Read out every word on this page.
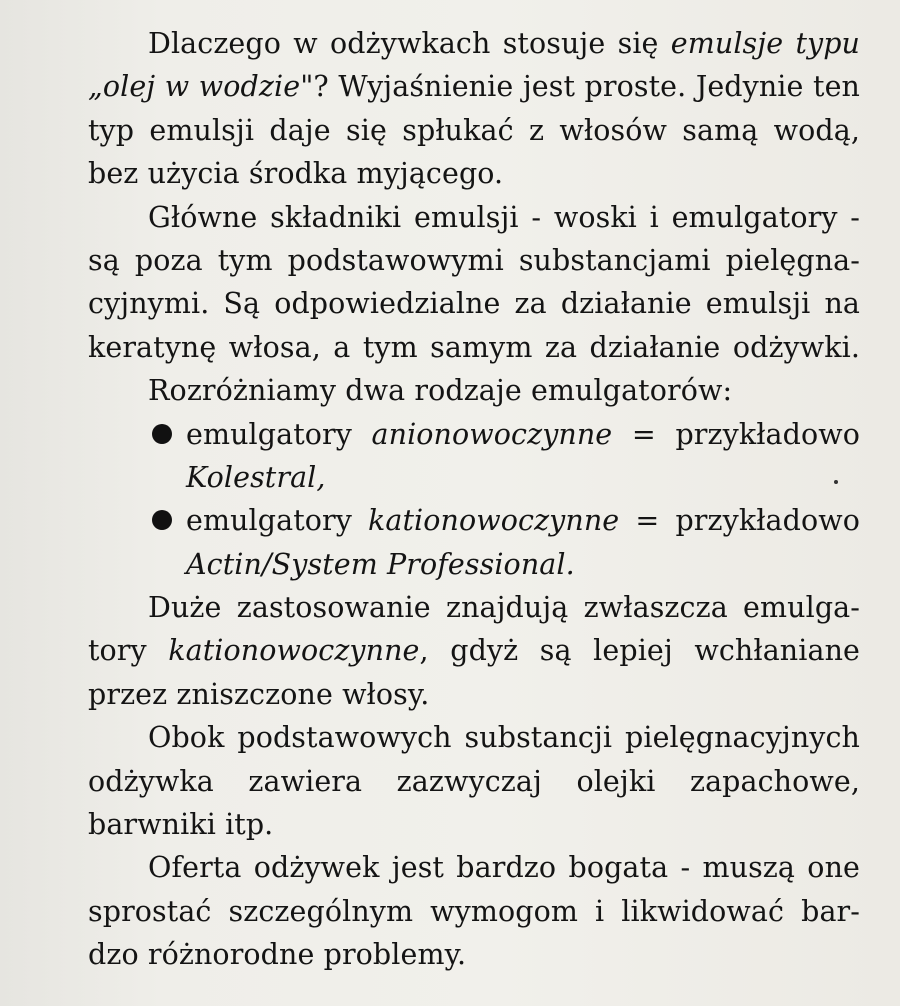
Dlaczego w odżywkach stosuje się emulsje typu
„olej w wodzie"? Wyjaśnienie jest proste. Jedynie ten
typ emulsji daje się spłukać z włosów samą wodą,
bez użycia środka myjącego.
Główne składniki emulsji - woski i emulgatory -
są poza tym podstawowymi substancjami pielęgna-
cyjnymi. Są odpowiedzialne za działanie emulsji na
keratynę włosa, a tym samym za działanie odżywki.
Rozróżniamy dwa rodzaje emulgatorów:
emulgatory anionowoczynne = przykładowo
Kolestral,
emulgatory kationowoczynne = przykładowo
Actin/System Professional.
Duże zastosowanie znajdują zwłaszcza emulga-
tory kationowoczynne, gdyż są lepiej wchłaniane
przez zniszczone włosy.
Obok podstawowych substancji pielęgnacyjnych
odżywka zawiera zazwyczaj olejki zapachowe,
barwniki itp.
Oferta odżywek jest bardzo bogata - muszą one
sprostać szczególnym wymogom i likwidować bar-
dzo różnorodne problemy.
